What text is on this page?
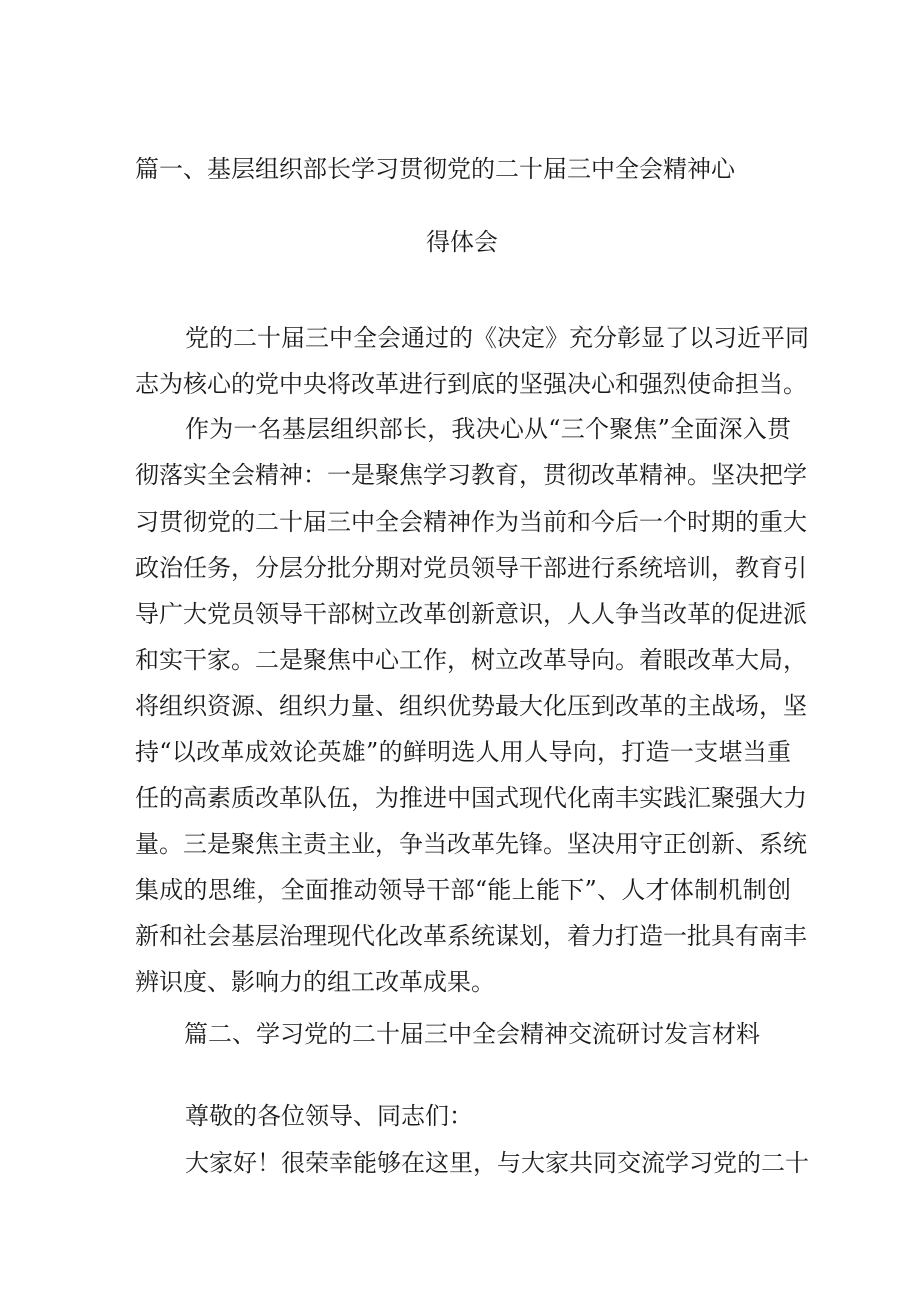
篇一、基层组织部长学习贯彻党的二十届三中全会精神心
得体会
党的二十届三中全会通过的《决定》充分彰显了以习近平同
志为核心的党中央将改革进行到底的坚强决心和强烈使命担当。
作为一名基层组织部长，我决心从“三个聚焦”全面深入贯
彻落实全会精神：一是聚焦学习教育，贯彻改革精神。坚决把学
习贯彻党的二十届三中全会精神作为当前和今后一个时期的重大
政治任务，分层分批分期对党员领导干部进行系统培训，教育引
导广大党员领导干部树立改革创新意识，人人争当改革的促进派
和实干家。二是聚焦中心工作，树立改革导向。着眼改革大局，
将组织资源、组织力量、组织优势最大化压到改革的主战场，坚
持“以改革成效论英雄”的鲜明选人用人导向，打造一支堪当重
任的高素质改革队伍，为推进中国式现代化南丰实践汇聚强大力
量。三是聚焦主责主业，争当改革先锋。坚决用守正创新、系统
集成的思维，全面推动领导干部“能上能下”、人才体制机制创
新和社会基层治理现代化改革系统谋划，着力打造一批具有南丰
辨识度、影响力的组工改革成果。
篇二、学习党的二十届三中全会精神交流研讨发言材料
尊敬的各位领导、同志们：
大家好！很荣幸能够在这里，与大家共同交流学习党的二十
